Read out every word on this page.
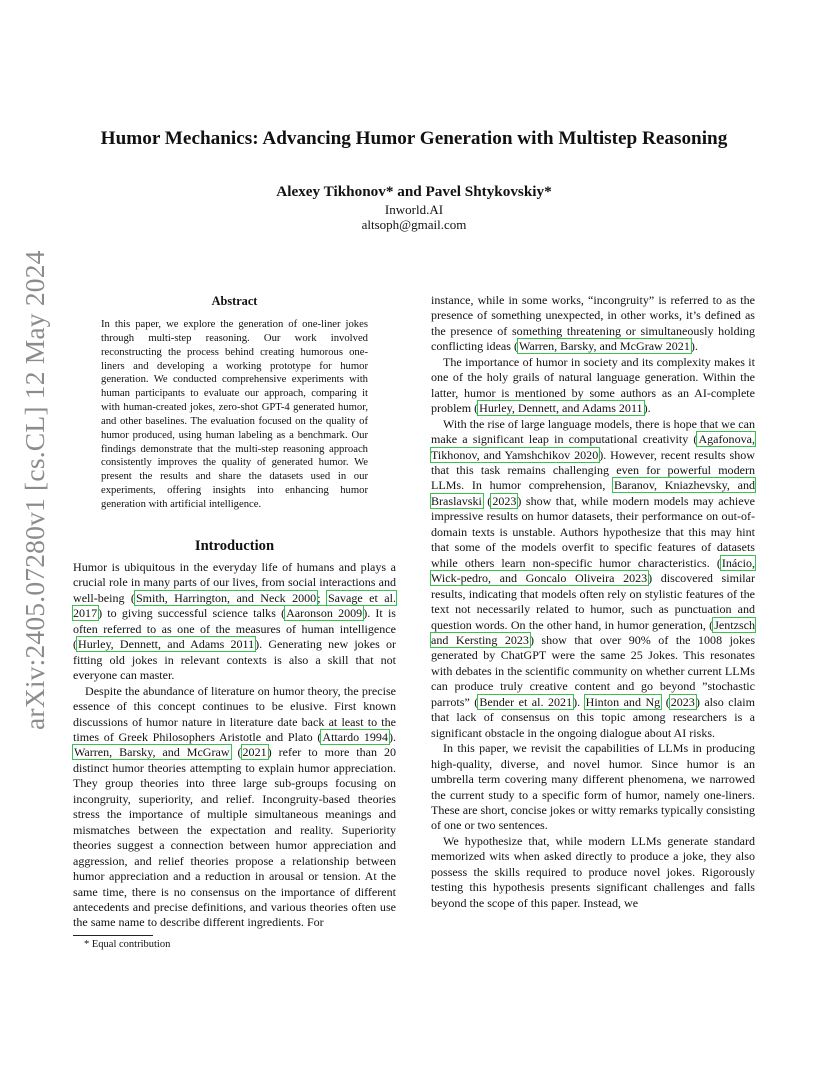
arXiv:2405.07280v1 [cs.CL] 12 May 2024
Humor Mechanics: Advancing Humor Generation with Multistep Reasoning
Alexey Tikhonov* and Pavel Shtykovskiy*
Inworld.AI
altsoph@gmail.com
Abstract
In this paper, we explore the generation of one-liner jokes through multi-step reasoning. Our work involved reconstructing the process behind creating humorous one-liners and developing a working prototype for humor generation. We conducted comprehensive experiments with human participants to evaluate our approach, comparing it with human-created jokes, zero-shot GPT-4 generated humor, and other baselines. The evaluation focused on the quality of humor produced, using human labeling as a benchmark. Our findings demonstrate that the multi-step reasoning approach consistently improves the quality of generated humor. We present the results and share the datasets used in our experiments, offering insights into enhancing humor generation with artificial intelligence.
Introduction

Humor is ubiquitous in the everyday life of humans and plays a crucial role in many parts of our lives, from social interactions and well-being (Smith, Harrington, and Neck 2000; Savage et al. 2017) to giving successful science talks (Aaronson 2009). It is often referred to as one of the measures of human intelligence (Hurley, Dennett, and Adams 2011). Generating new jokes or fitting old jokes in relevant contexts is also a skill that not everyone can master.

Despite the abundance of literature on humor theory, the precise essence of this concept continues to be elusive. First known discussions of humor nature in literature date back at least to the times of Greek Philosophers Aristotle and Plato (Attardo 1994). Warren, Barsky, and McGraw (2021) refer to more than 20 distinct humor theories attempting to explain humor appreciation. They group theories into three large sub-groups focusing on incongruity, superiority, and relief. Incongruity-based theories stress the importance of multiple simultaneous meanings and mismatches between the expectation and reality. Superiority theories suggest a connection between humor appreciation and aggression, and relief theories propose a relationship between humor appreciation and a reduction in arousal or tension. At the same time, there is no consensus on the importance of different antecedents and precise definitions, and various theories often use the same name to describe different ingredients. For

instance, while in some works, “incongruity” is referred to as the presence of something unexpected, in other works, it’s defined as the presence of something threatening or simultaneously holding conflicting ideas (Warren, Barsky, and McGraw 2021).

The importance of humor in society and its complexity makes it one of the holy grails of natural language generation. Within the latter, humor is mentioned by some authors as an AI-complete problem (Hurley, Dennett, and Adams 2011).

With the rise of large language models, there is hope that we can make a significant leap in computational creativity (Agafonova, Tikhonov, and Yamshchikov 2020). However, recent results show that this task remains challenging even for powerful modern LLMs. In humor comprehension, Baranov, Kniazhevsky, and Braslavski (2023) show that, while modern models may achieve impressive results on humor datasets, their performance on out-of-domain texts is unstable. Authors hypothesize that this may hint that some of the models overfit to specific features of datasets while others learn non-specific humor characteristics. (Inácio, Wick-pedro, and Goncalo Oliveira 2023) discovered similar results, indicating that models often rely on stylistic features of the text not necessarily related to humor, such as punctuation and question words. On the other hand, in humor generation, (Jentzsch and Kersting 2023) show that over 90% of the 1008 jokes generated by ChatGPT were the same 25 Jokes. This resonates with debates in the scientific community on whether current LLMs can produce truly creative content and go beyond ”stochastic parrots” (Bender et al. 2021). Hinton and Ng (2023) also claim that lack of consensus on this topic among researchers is a significant obstacle in the ongoing dialogue about AI risks.

In this paper, we revisit the capabilities of LLMs in producing high-quality, diverse, and novel humor. Since humor is an umbrella term covering many different phenomena, we narrowed the current study to a specific form of humor, namely one-liners. These are short, concise jokes or witty remarks typically consisting of one or two sentences.

We hypothesize that, while modern LLMs generate standard memorized wits when asked directly to produce a joke, they also possess the skills required to produce novel jokes. Rigorously testing this hypothesis presents significant challenges and falls beyond the scope of this paper. Instead, we

* Equal contribution
